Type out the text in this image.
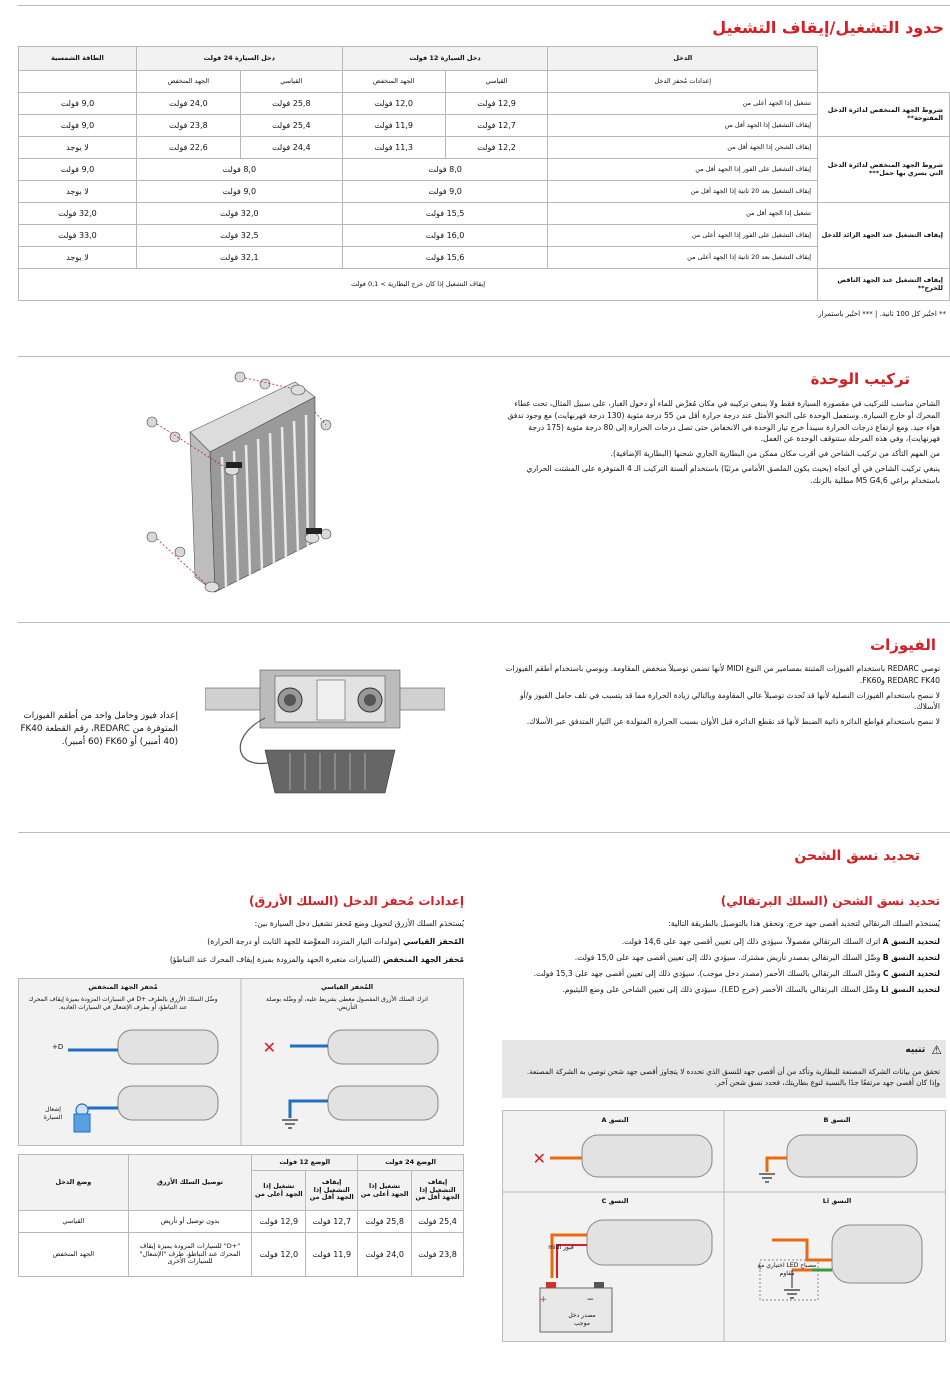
حدود التشغيل/إيقاف التشغيل
	الدخل	دخل السيارة 12 فولت		دخل السيارة 24 فولت		الطاقة الشمسية
	إعدادات مُحفز الدخل	القياسي	الجهد المنخفض	القياسي	الجهد المنخفض	
شروط الجهد المنخفض لدائرة الدخل المفتوحة**	تشغيل إذا الجهد أعلى من	12,9 فولت	12,0 فولت	25,8 فولت	24,0 فولت	9,0 فولت
	إيقاف التشغيل إذا الجهد أقل من	12,7 فولت	11,9 فولت	25,4 فولت	23,8 فولت	9,0 فولت
شروط الجهد المنخفض لدائرة الدخل التي يسري بها حمل***	إيقاف الشحن إذا الجهد أقل من	12,2 فولت	11,3 فولت	24,4 فولت	22,6 فولت	لا يوجد
	إيقاف التشغيل على الفور إذا الجهد أقل من	8,0 فولت		8,0 فولت		9,0 فولت
	إيقاف التشغيل بعد 20 ثانية إذا الجهد أقل من	9,0 فولت		9,0 فولت		لا يوجد
إيقاف التشغيل عند الجهد الزائد للدخل	تشغيل إذا الجهد أقل من	15,5 فولت		32,0 فولت		32,0 فولت
	إيقاف التشغيل على الفور إذا الجهد أعلى من	16,0 فولت		32,5 فولت		33,0 فولت
	إيقاف التشغيل بعد 20 ثانية إذا الجهد أعلى من	15,6 فولت		32,1 فولت		لا يوجد
إيقاف التشغيل عند الجهد الناقص للخرج**	إيقاف التشغيل إذا كان خرج البطارية > 0,1 فولت					
** اختُبر كل 100 ثانية. | *** اختُبر باستمرار.
تركيب الوحدة

الشاحن مناسب للتركيب في مقصورة السيارة فقط ولا ينبغي تركيبه في مكان مُعرَّض للماء أو دخول الغبار، على سبيل المثال، تحت غطاء المحرك أو خارج السيارة. وستعمل الوحدة على النحو الأمثل عند درجة حرارة أقل من 55 درجة مئوية (130 درجة فهرنهايت) مع وجود تدفق هواء جيد. ومع ارتفاع درجات الحرارة سيبدأ خرج تيار الوحدة في الانخفاض حتى تصل درجات الحرارة إلى 80 درجة مئوية (175 درجة فهرنهايت)، وفي هذه المرحلة ستتوقف الوحدة عن العمل.

من المهم التأكد من تركيب الشاحن في أقرب مكان ممكن من البطارية الجاري شحنها (البطارية الإضافية).

ينبغي تركيب الشاحن في أي اتجاه (بحيث يكون الملصق الأمامي مرئيًا) باستخدام ألسنة التركيب الـ 4 المتوفرة على المشتت الحراري باستخدام براغي M5 G4,6 مطلية بالزنك.

الفيوزات

توصي REDARC باستخدام الفيوزات المثبتة بمسامير من النوع MIDI لأنها تضمن توصيلاً منخفض المقاومة. ونوصي باستخدام أطقم الفيوزات REDARC FK40 وFK60.

لا ننصح باستخدام الفيوزات النصلية لأنها قد تُحدث توصيلاً عالي المقاومة وبالتالي زيادة الحرارة مما قد يتسبب في تلف حامل الفيوز و/أو الأسلاك.

لا ننصح باستخدام قواطع الدائرة ذاتية الضبط لأنها قد تقطع الدائرة قبل الأوان بسبب الحرارة المتولدة عن التيار المتدفق عبر الأسلاك.

إعداد فيوز وحامل واحد من أطقم الفيوزات المتوفرة من REDARC، رقم القطعة FK40 (40 أمبير) أو FK60 (60 أمبير).
تحديد نسق الشحن
تحديد نسق الشحن (السلك البرتقالي)
يُستخدَم السلك البرتقالي لتحديد أقصى جهد خرج. وتحقق هذا بالتوصيل بالطريقة التالية:

لتحديد النسق A اترك السلك البرتقالي مفصولاً. سيؤدي ذلك إلى تعيين أقصى جهد على 14,6 فولت.

لتحديد النسق B وصِّل السلك البرتقالي بمصدر تأريض مشترك. سيؤدي ذلك إلى تعيين أقصى جهد على 15,0 فولت.

لتحديد النسق C وصِّل السلك البرتقالي بالسلك الأحمر (مصدر دخل موجب). سيؤدي ذلك إلى تعيين أقصى جهد على 15,3 فولت.

لتحديد النسق Li وصِّل السلك البرتقالي بالسلك الأخضر (خرج LED). سيؤدي ذلك إلى تعيين الشاحن على وضع الليثيوم.

⚠
تنبيه
تحقق من بيانات الشركة المصنعة للبطارية وتأكد من أن أقصى جهد للنسق الذي تحدده لا يتجاوز أقصى جهد شحن توصي به الشركة المصنعة. وإذا كان أقصى جهد مرتفعًا جدًا بالنسبة لنوع بطاريتك، فحدد نسق شحن آخر.
✕
+	−
النسق A	النسق B
النسق C	النسق Li
فيوز midi
مصدر دخل موجب
مصباح LED اختياري مع مقاوم
إعدادات مُحفز الدخل (السلك الأزرق)
يُستخدَم السلك الأزرق لتحويل وضع مُحفز تشغيل دخل السيارة بين:
المُحفز القياسي (مولدات التيار المتردد المعوِّضة للجهد الثابت أو درجة الحرارة)
مُحفز الجهد المنخفض (للسيارات متغيرة الجهد والمزودة بميزة إيقاف المحرك عند التباطؤ)
✕
المُحفز القياسي
اترك السلك الأزرق المفصول مغطى بشريط عليه، أو وصِّله بوصلة التأريض.
مُحفز الجهد المنخفض
وصِّل السلك الأزرق بالطرف +D في السيارات المزودة بميزة إيقاف المحرك عند التباطؤ، أو بطرف الإشعال في السيارات العادية.
D+
إشعال السيارة
الوضع 24 فولت		الوضع 12 فولت		توصيل السلك الأزرق	وضع الدخل
إيقاف التشغيل إذا الجهد أقل من	تشغيل إذا الجهد أعلى من	إيقاف التشغيل إذا الجهد أقل من	تشغيل إذا الجهد أعلى من		
25,4 فولت	25,8 فولت	12,7 فولت	12,9 فولت	بدون توصيل أو تأريض	القياسي
23,8 فولت	24,0 فولت	11,9 فولت	12,0 فولت	"+D" للسيارات المزودة بميزة إيقاف المحرك عند التباطؤ، طرف "الإشعال" للسيارات الأخرى	الجهد المنخفض
